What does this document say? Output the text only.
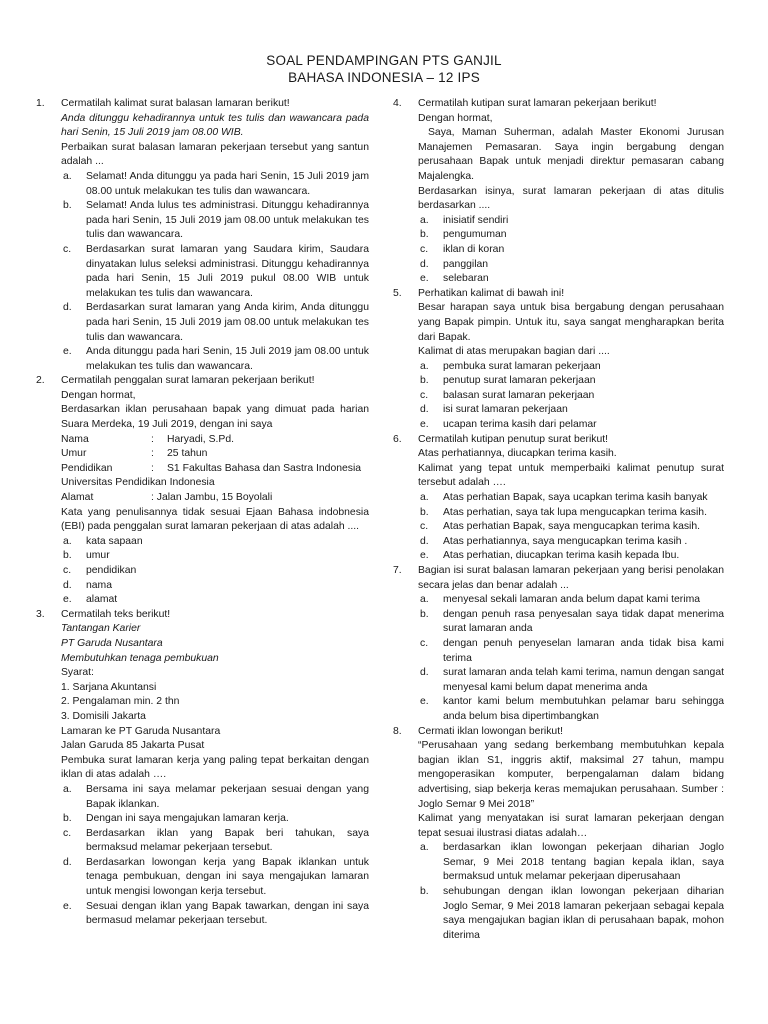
SOAL PENDAMPINGAN PTS GANJIL
BAHASA INDONESIA – 12 IPS
1. Cermatilah kalimat surat balasan lamaran berikut!
Anda ditunggu kehadirannya untuk tes tulis dan wawancara pada hari Senin, 15 Juli 2019 jam 08.00 WIB.
Perbaikan surat balasan lamaran pekerjaan tersebut yang santun adalah ...
a. Selamat! Anda ditunggu ya pada hari Senin, 15 Juli 2019 jam 08.00 untuk melakukan tes tulis dan wawancara.
b. Selamat! Anda lulus tes administrasi. Ditunggu kehadirannya pada hari Senin, 15 Juli 2019 jam 08.00 untuk melakukan tes tulis dan wawancara.
c. Berdasarkan surat lamaran yang Saudara kirim, Saudara dinyatakan lulus seleksi administrasi. Ditunggu kehadirannya pada hari Senin, 15 Juli 2019 pukul 08.00 WIB untuk melakukan tes tulis dan wawancara.
d. Berdasarkan surat lamaran yang Anda kirim, Anda ditunggu pada hari Senin, 15 Juli 2019 jam 08.00 untuk melakukan tes tulis dan wawancara.
e. Anda ditunggu pada hari Senin, 15 Juli 2019 jam 08.00 untuk melakukan tes tulis dan wawancara.
2. Cermatilah penggalan surat lamaran pekerjaan berikut!
Dengan hormat,
Berdasarkan iklan perusahaan bapak yang dimuat pada harian Suara Merdeka, 19 Juli 2019, dengan ini saya
Nama	:	Haryadi, S.Pd.
Umur	:	25 tahun
Pendidikan	:	S1 Fakultas Bahasa dan Sastra Indonesia
Universitas Pendidikan Indonesia
Alamat	: Jalan Jambu, 15 Boyolali
Kata yang penulisannya tidak sesuai Ejaan Bahasa indobnesia (EBI) pada penggalan surat lamaran pekerjaan di atas adalah ....
a. kata sapaan
b. umur
c. pendidikan
d. nama
e. alamat
3. Cermatilah teks berikut!
Tantangan Karier
PT Garuda Nusantara
Membutuhkan tenaga pembukuan
Syarat:
1. Sarjana Akuntansi
2. Pengalaman min. 2 thn
3. Domisili Jakarta
Lamaran ke PT Garuda Nusantara
Jalan Garuda 85 Jakarta Pusat
Pembuka surat lamaran kerja yang paling tepat berkaitan dengan iklan di atas adalah ….
a. Bersama ini saya melamar pekerjaan sesuai dengan yang Bapak iklankan.
b. Dengan ini saya mengajukan lamaran kerja.
c. Berdasarkan iklan yang Bapak beri tahukan, saya bermaksud melamar pekerjaan tersebut.
d. Berdasarkan lowongan kerja yang Bapak iklankan untuk tenaga pembukuan, dengan ini saya mengajukan lamaran untuk mengisi lowongan kerja tersebut.
e. Sesuai dengan iklan yang Bapak tawarkan, dengan ini saya bermasud melamar pekerjaan tersebut.
4. Cermatilah kutipan surat lamaran pekerjaan berikut!
Dengan hormat,
Saya, Maman Suherman, adalah Master Ekonomi Jurusan Manajemen Pemasaran. Saya ingin bergabung dengan perusahaan Bapak untuk menjadi direktur pemasaran cabang Majalengka.
Berdasarkan isinya, surat lamaran pekerjaan di atas ditulis berdasarkan ....
a. inisiatif sendiri
b. pengumuman
c. iklan di koran
d. panggilan
e. selebaran
5. Perhatikan kalimat di bawah ini!
Besar harapan saya untuk bisa bergabung dengan perusahaan yang Bapak pimpin. Untuk itu, saya sangat mengharapkan berita dari Bapak.
Kalimat di atas merupakan bagian dari ....
a. pembuka surat lamaran pekerjaan
b. penutup surat lamaran pekerjaan
c. balasan surat lamaran pekerjaan
d. isi surat lamaran pekerjaan
e. ucapan terima kasih dari pelamar
6. Cermatilah kutipan penutup surat berikut!
Atas perhatiannya, diucapkan terima kasih.
Kalimat yang tepat untuk memperbaiki kalimat penutup surat tersebut adalah ….
a. Atas perhatian Bapak, saya ucapkan terima kasih banyak
b. Atas perhatian, saya tak lupa mengucapkan terima kasih.
c. Atas perhatian Bapak, saya mengucapkan terima kasih.
d. Atas perhatiannya, saya mengucapkan terima kasih .
e. Atas perhatian, diucapkan terima kasih kepada Ibu.
7. Bagian isi surat balasan lamaran pekerjaan yang berisi penolakan secara jelas dan benar adalah ...
a. menyesal sekali lamaran anda belum dapat kami terima
b. dengan penuh rasa penyesalan saya tidak dapat menerima surat lamaran anda
c. dengan penuh penyeselan lamaran anda tidak bisa kami terima
d. surat lamaran anda telah kami terima, namun dengan sangat menyesal kami belum dapat menerima anda
e. kantor kami belum membutuhkan pelamar baru sehingga anda belum bisa dipertimbangkan
8. Cermati iklan lowongan berikut!
“Perusahaan yang sedang berkembang membutuhkan kepala bagian iklan S1, inggris aktif, maksimal 27 tahun, mampu mengoperasikan komputer, berpengalaman dalam bidang advertising, siap bekerja keras memajukan perusahaan. Sumber : Joglo Semar 9 Mei 2018”
Kalimat yang menyatakan isi surat lamaran pekerjaan dengan tepat sesuai ilustrasi diatas adalah…
a. berdasarkan iklan lowongan pekerjaan diharian Joglo Semar, 9 Mei 2018 tentang bagian kepala iklan, saya bermaksud untuk melamar pekerjaan diperusahaan
b. sehubungan dengan iklan lowongan pekerjaan diharian Joglo Semar, 9 Mei 2018 lamaran pekerjaan sebagai kepala saya mengajukan bagian iklan di perusahaan bapak, mohon diterima
